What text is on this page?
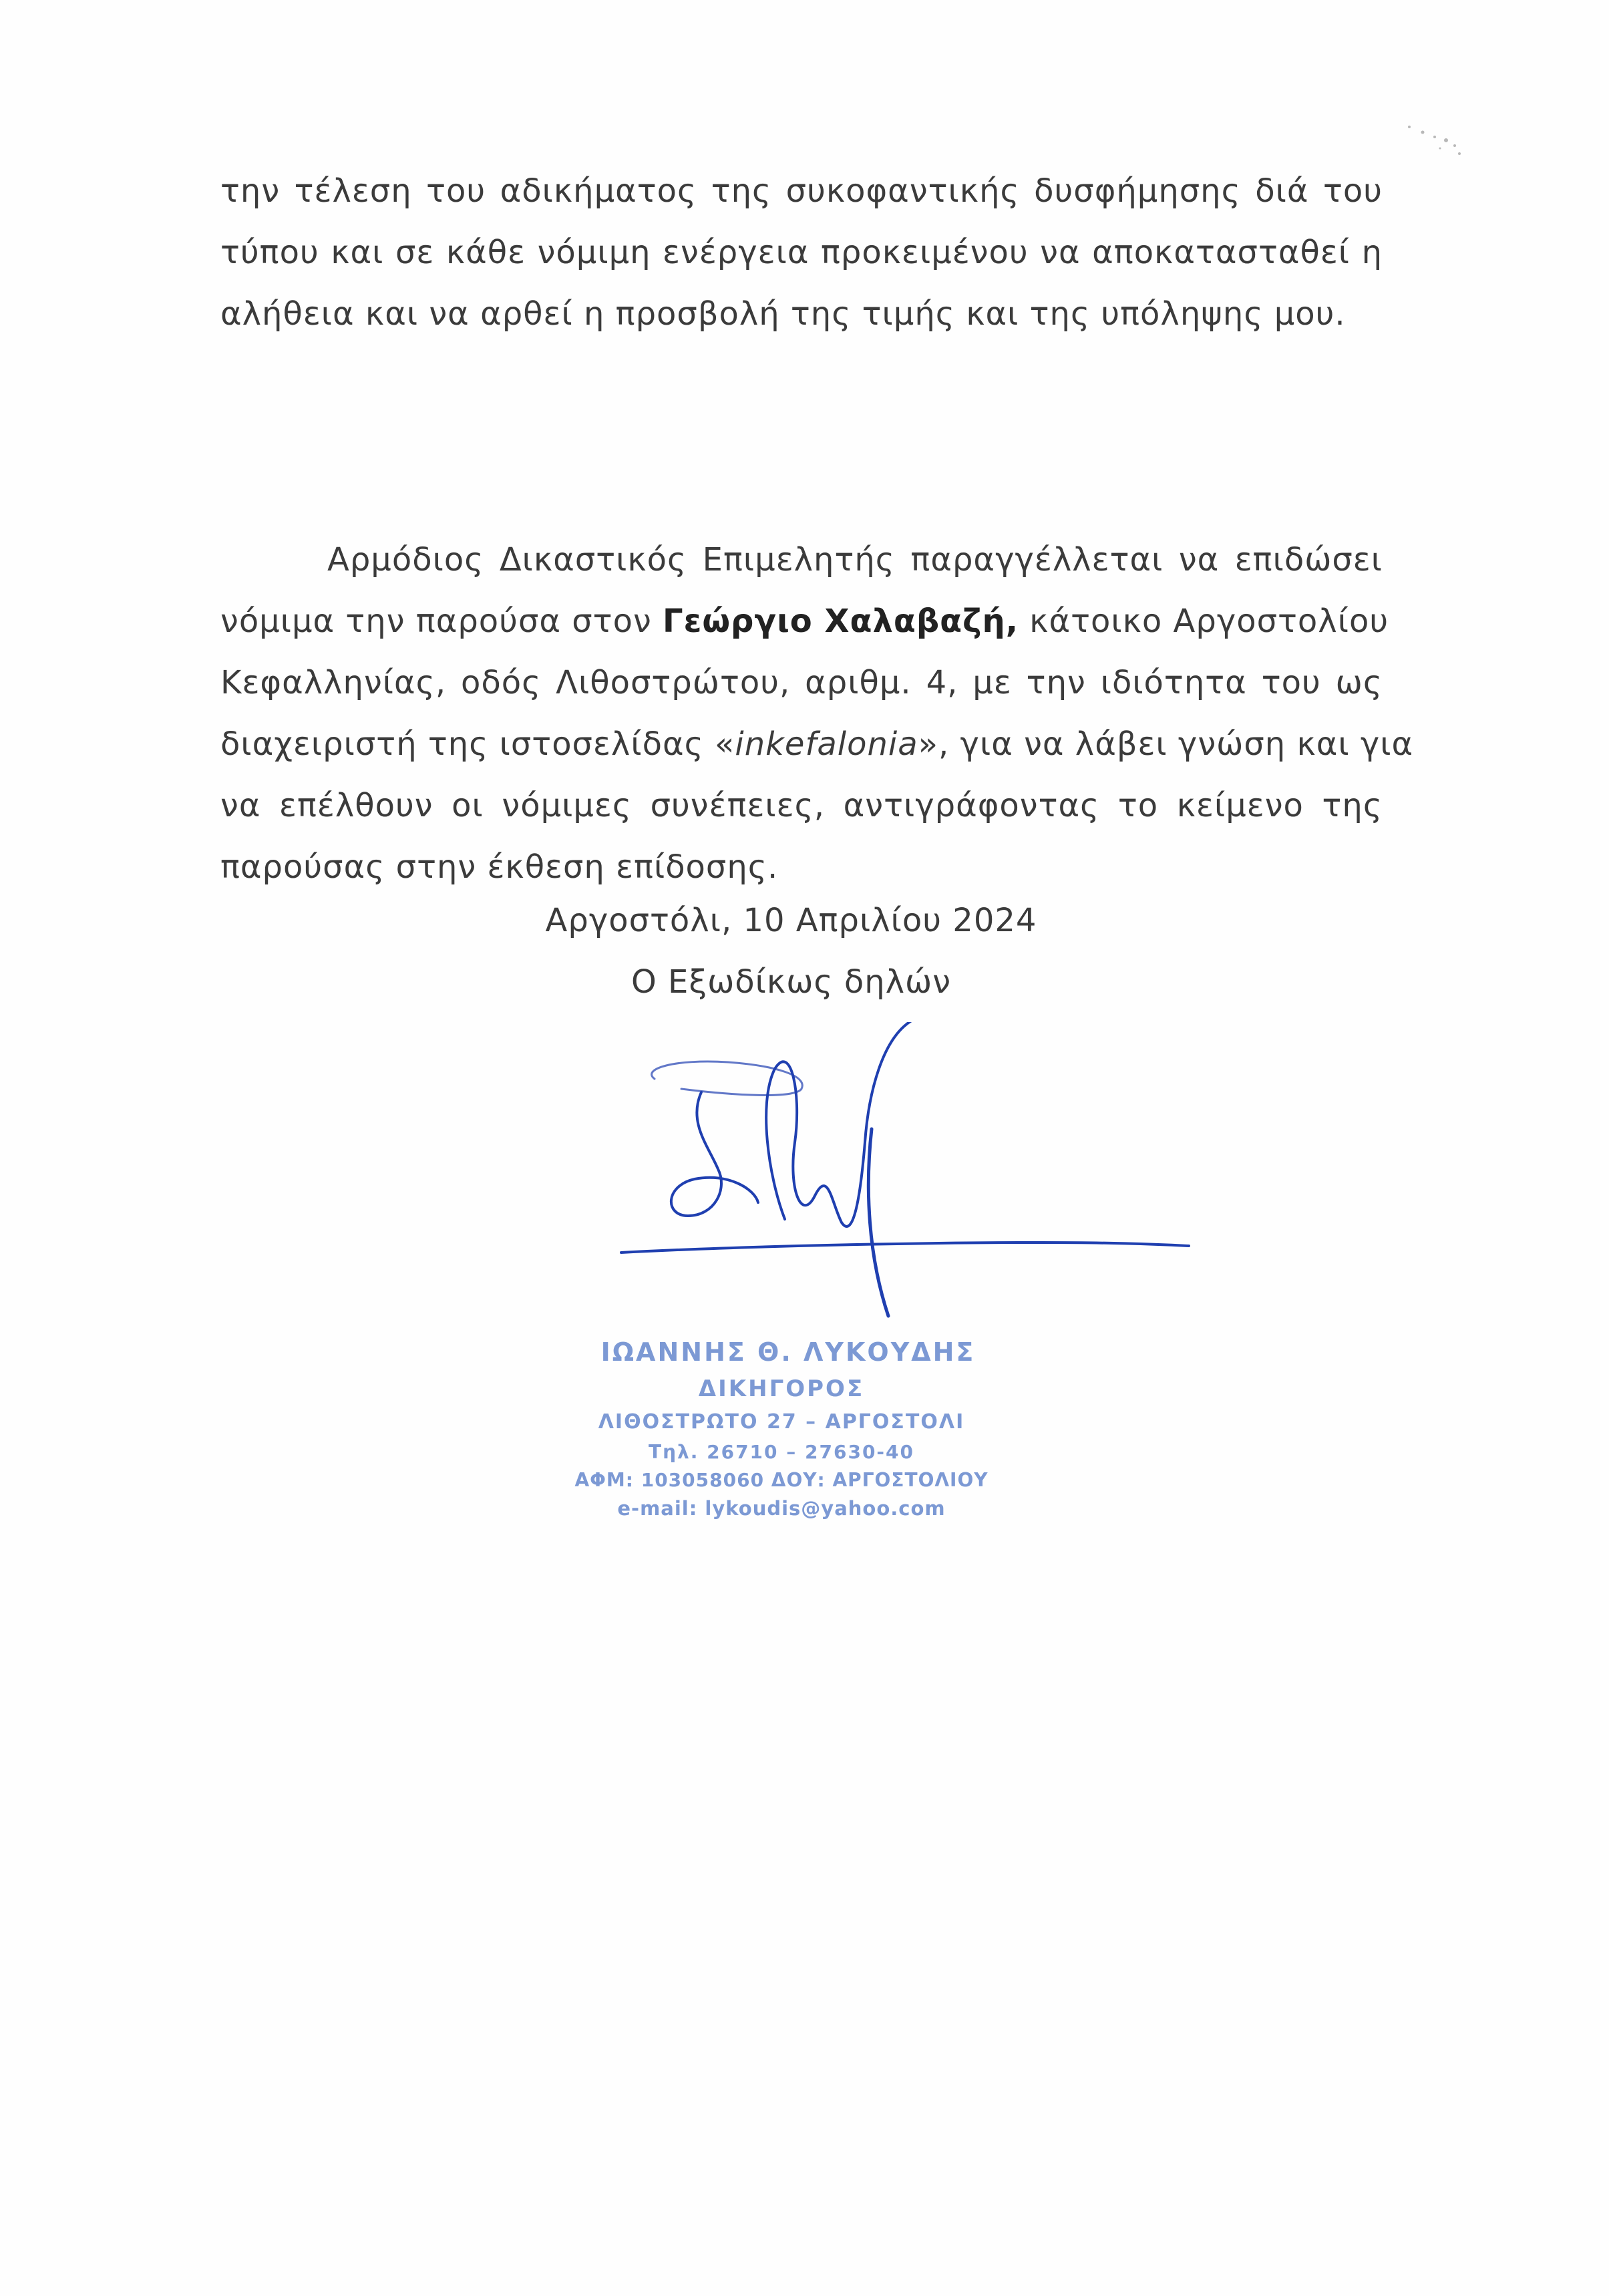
την τέλεση του αδικήματος της συκοφαντικής δυσφήμησης διά του
τύπου και σε κάθε νόμιμη ενέργεια προκειμένου να αποκατασταθεί η
αλήθεια και να αρθεί η προσβολή της τιμής και της υπόληψης μου.
Αρμόδιος Δικαστικός Επιμελητής παραγγέλλεται να επιδώσει
νόμιμα την παρούσα στον Γεώργιο Χαλαβαζή, κάτοικο Αργοστολίου
Κεφαλληνίας, οδός Λιθοστρώτου, αριθμ. 4, με την ιδιότητα του ως
διαχειριστή της ιστοσελίδας «inkefalonia», για να λάβει γνώση και για
να επέλθουν οι νόμιμες συνέπειες, αντιγράφοντας το κείμενο της
παρούσας στην έκθεση επίδοσης.
Αργοστόλι, 10 Απριλίου 2024
Ο Εξωδίκως δηλών
ΙΩΑΝΝΗΣ Θ. ΛΥΚΟΥΔΗΣ
ΔΙΚΗΓΟΡΟΣ
ΛΙΘΟΣΤΡΩΤΟ 27 – ΑΡΓΟΣΤΟΛΙ
Τηλ. 26710 – 27630-40
ΑΦΜ: 103058060 ΔΟΥ: ΑΡΓΟΣΤΟΛΙΟΥ
e-mail: lykoudis@yahoo.com
